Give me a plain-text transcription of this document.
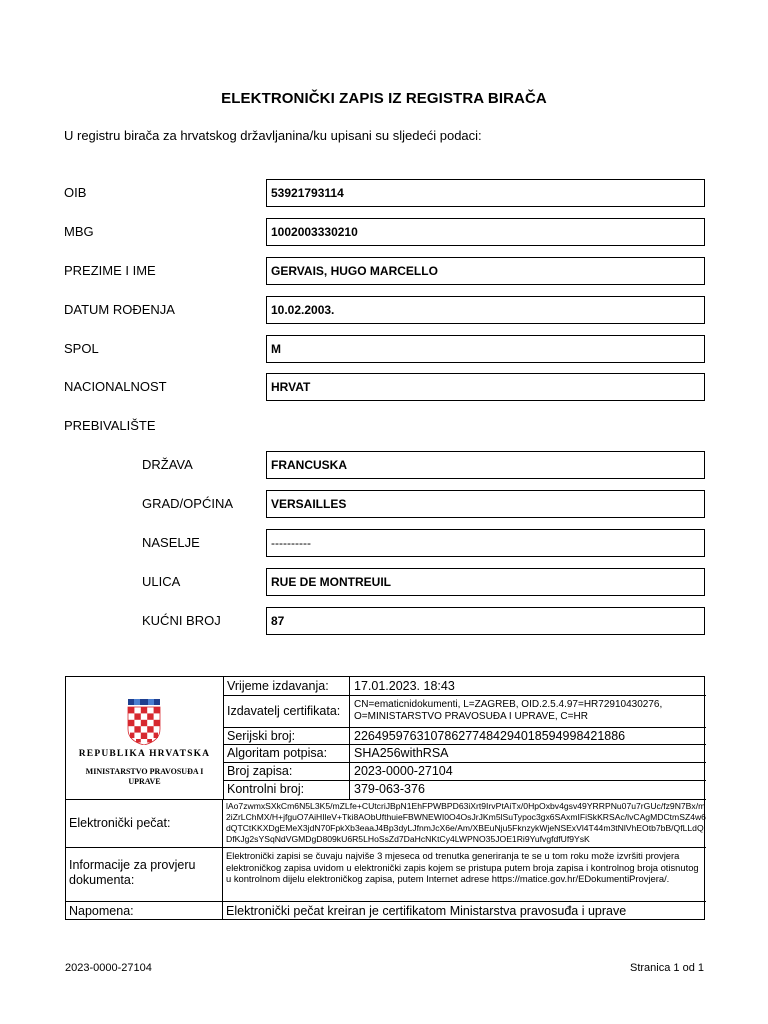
ELEKTRONIČKI ZAPIS IZ REGISTRA BIRAČA
U registru birača za hrvatskog državljanina/ku upisani su sljedeći podaci:
OIB	53921793114
MBG	1002003330210
PREZIME I IME	GERVAIS, HUGO MARCELLO
DATUM ROĐENJA	10.02.2003.
SPOL	M
NACIONALNOST	HRVAT
PREBIVALIŠTE
DRŽAVA	FRANCUSKA
GRAD/OPĆINA	VERSAILLES
NASELJE	----------
ULICA	RUE DE MONTREUIL
KUĆNI BROJ	87
REPUBLIKA HRVATSKA
MINISTARSTVO PRAVOSUĐA I
UPRAVE
Vrijeme izdavanja:	17.01.2023. 18:43
Izdavatelj certifikata:	CN=ematicnidokumenti, L=ZAGREB, OID.2.5.4.97=HR72910430276,
O=MINISTARSTVO PRAVOSUĐA I UPRAVE, C=HR
Serijski broj:	226495976310786277484294018594998421886
Algoritam potpisa:	SHA256withRSA
Broj zapisa:	2023-0000-27104
Kontrolni broj:	379-063-376
Elektronički pečat:
lAo7zwmxSXkCm6N5L3K5/mZLfe+CUtcriJBpN1EhFPWBPD63iXrt9IrvPtAiTx/0HpOxbv4gsv49YRRPNu07u7rGUc/fz9N7Bx/m2iZrLChMX/H+jfguO7AiHIleV+Tki8AObUfthuieFBWNEWI0O4OsJrJKm5lSuTypoc3gx6SAxmIFiSkKRSAc/lvCAgMDCtmSZ4w6dQTCtKKXDgEMeX3jdN70FpkXb3eaaJ4Bp3dyLJfnmJcX6e/Am/XBEuNju5FknzykWjeNSExVl4T44m3tNlVhEOtb7bB/QfLLdQDfKJg2sYSqNdVGMDgD809kU6R5LHoSsZd7DaHcNKtCy4LWPNO35JOE1Ri9YufvgfdfUf9YsK
Informacije za provjeru dokumenta:
Elektronički zapisi se čuvaju najviše 3 mjeseca od trenutka generiranja te se u tom roku može izvršiti provjera elektroničkog zapisa uvidom u elektronički zapis kojem se pristupa putem broja zapisa i kontrolnog broja otisnutog u kontrolnom dijelu elektroničkog zapisa, putem Internet adrese https://matice.gov.hr/EDokumentiProvjera/.
Napomena:	Elektronički pečat kreiran je certifikatom Ministarstva pravosuđa i uprave
2023-0000-27104	Stranica 1 od 1
